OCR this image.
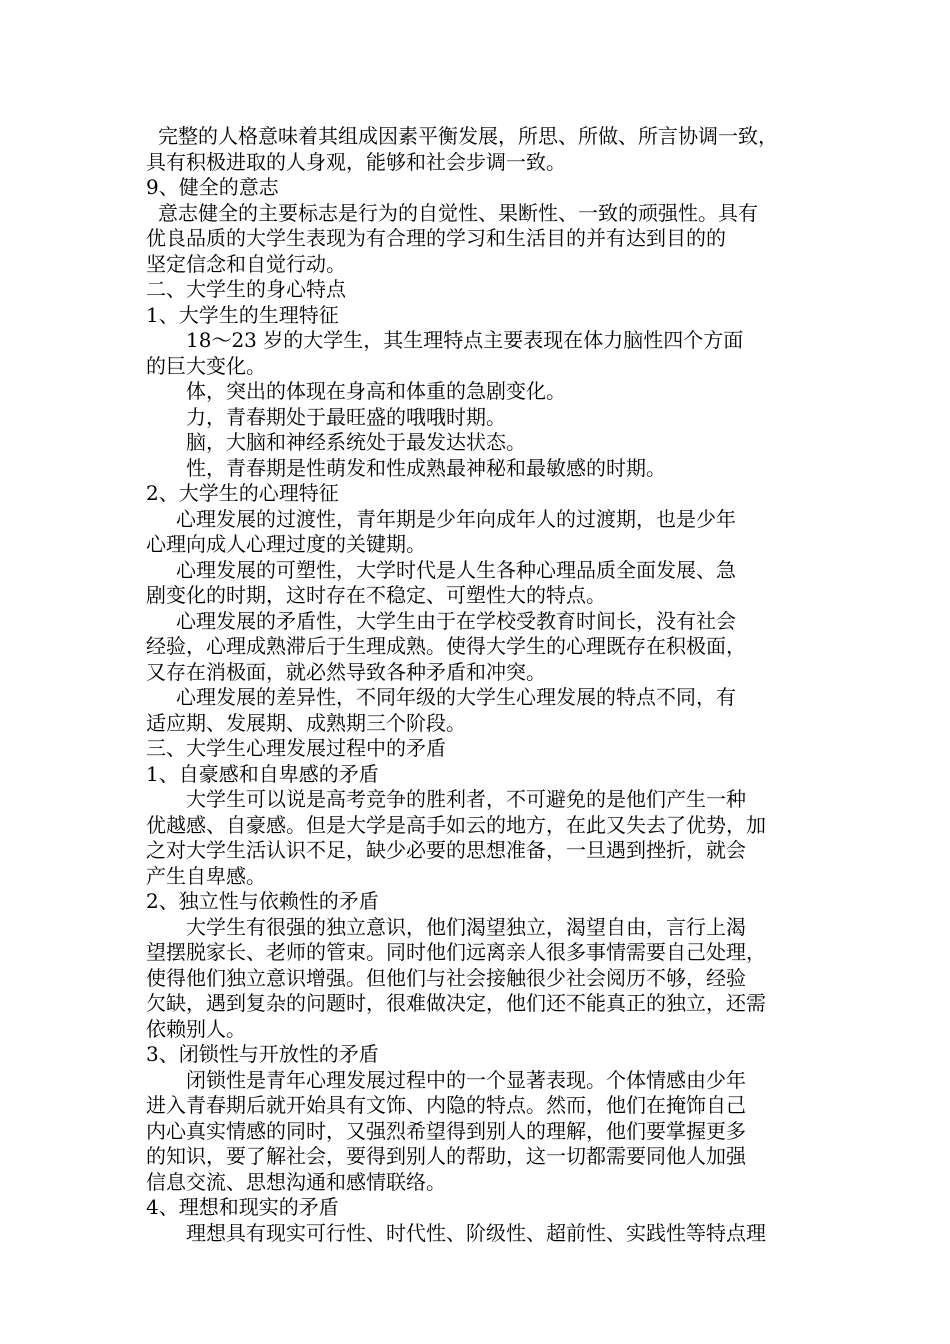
完整的人格意味着其组成因素平衡发展，所思、所做、所言协调一致，
具有积极进取的人身观，能够和社会步调一致。
9、健全的意志
意志健全的主要标志是行为的自觉性、果断性、一致的顽强性。具有
优良品质的大学生表现为有合理的学习和生活目的并有达到目的的
坚定信念和自觉行动。
二、大学生的身心特点
1、大学生的生理特征
18～23 岁的大学生，其生理特点主要表现在体力脑性四个方面
的巨大变化。
体，突出的体现在身高和体重的急剧变化。
力，青春期处于最旺盛的哦哦时期。
脑，大脑和神经系统处于最发达状态。
性，青春期是性萌发和性成熟最神秘和最敏感的时期。
2、大学生的心理特征
心理发展的过渡性，青年期是少年向成年人的过渡期，也是少年
心理向成人心理过度的关键期。
心理发展的可塑性，大学时代是人生各种心理品质全面发展、急
剧变化的时期，这时存在不稳定、可塑性大的特点。
心理发展的矛盾性，大学生由于在学校受教育时间长，没有社会
经验，心理成熟滞后于生理成熟。使得大学生的心理既存在积极面，
又存在消极面，就必然导致各种矛盾和冲突。
心理发展的差异性，不同年级的大学生心理发展的特点不同，有
适应期、发展期、成熟期三个阶段。
三、大学生心理发展过程中的矛盾
1、自豪感和自卑感的矛盾
大学生可以说是高考竞争的胜利者，不可避免的是他们产生一种
优越感、自豪感。但是大学是高手如云的地方，在此又失去了优势，加
之对大学生活认识不足，缺少必要的思想准备，一旦遇到挫折，就会
产生自卑感。
2、独立性与依赖性的矛盾
大学生有很强的独立意识，他们渴望独立，渴望自由，言行上渴
望摆脱家长、老师的管束。同时他们远离亲人很多事情需要自己处理，
使得他们独立意识增强。但他们与社会接触很少社会阅历不够，经验
欠缺，遇到复杂的问题时，很难做决定，他们还不能真正的独立，还需
依赖别人。
3、闭锁性与开放性的矛盾
闭锁性是青年心理发展过程中的一个显著表现。个体情感由少年
进入青春期后就开始具有文饰、内隐的特点。然而，他们在掩饰自己
内心真实情感的同时，又强烈希望得到别人的理解，他们要掌握更多
的知识，要了解社会，要得到别人的帮助，这一切都需要同他人加强
信息交流、思想沟通和感情联络。
4、理想和现实的矛盾
理想具有现实可行性、时代性、阶级性、超前性、实践性等特点理
